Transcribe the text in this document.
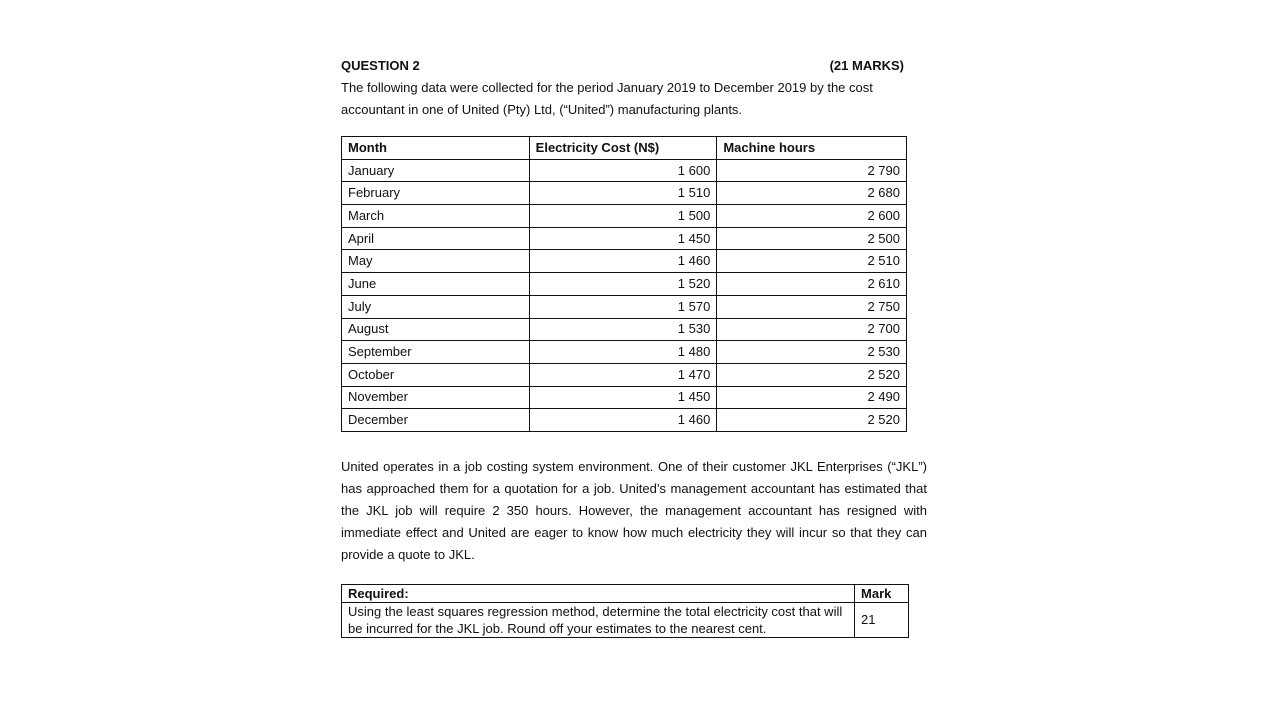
QUESTION 2	(21 MARKS)
The following data were collected for the period January 2019 to December 2019 by the cost accountant in one of United (Pty) Ltd, (“United”) manufacturing plants.
Month	Electricity Cost (N$)	Machine hours
January	1 600	2 790
February	1 510	2 680
March	1 500	2 600
April	1 450	2 500
May	1 460	2 510
June	1 520	2 610
July	1 570	2 750
August	1 530	2 700
September	1 480	2 530
October	1 470	2 520
November	1 450	2 490
December	1 460	2 520
United operates in a job costing system environment. One of their customer JKL Enterprises (“JKL”) has approached them for a quotation for a job. United’s management accountant has estimated that the JKL job will require 2 350 hours. However, the management accountant has resigned with immediate effect and United are eager to know how much electricity they will incur so that they can provide a quote to JKL.
Required:	Mark
Using the least squares regression method, determine the total electricity cost that will be incurred for the JKL job. Round off your estimates to the nearest cent.	21
